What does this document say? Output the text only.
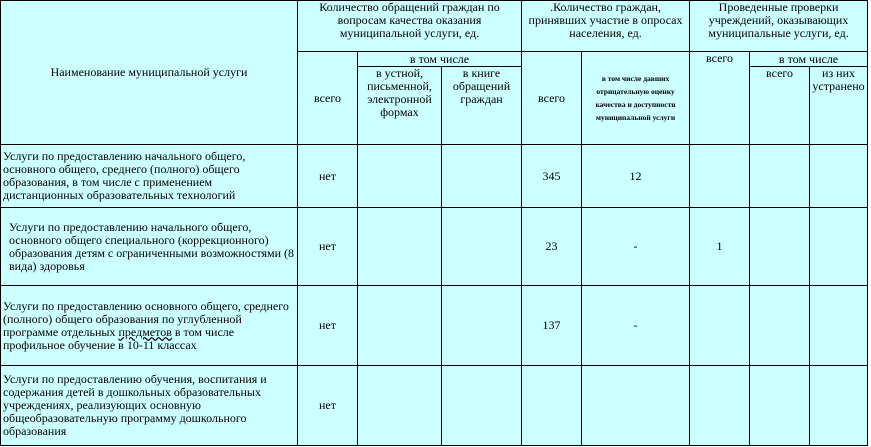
Наименование муниципальной услуги	Количество обращений граждан по вопросам качества оказания муниципальной услуги, ед.			.Количество граждан, принявших участие в опросах населения, ед.		Проведенные проверки учреждений, оказывающих муниципальные услуги, ед.		
	всего	в том числе		всего	в том числе давших отрицательную оценку качества и доступности муниципальной услуги	всего	в том числе	
		в устной, письменной, электронной формах	в книге обращений граждан				всего	из них устранено
Услуги по предоставлению начального общего, основного общего, среднего (полного) общего образования, в том числе с применением дистанционных образовательных технологий	нет			345	12			
Услуги по предоставлению начального общего, основного общего специального (коррекционного) образования детям с ограниченными возможностями (8 вида) здоровья	нет			23	-	1		
Услуги по предоставлению основного общего, среднего (полного) общего образования по углубленной программе отдельных предметов в том числе профильное обучение в 10-11 классах	нет			137	-			
Услуги по предоставлению обучения, воспитания и содержания детей в дошкольных образовательных учреждениях, реализующих основную общеобразовательную программу дошкольного образования	нет							
